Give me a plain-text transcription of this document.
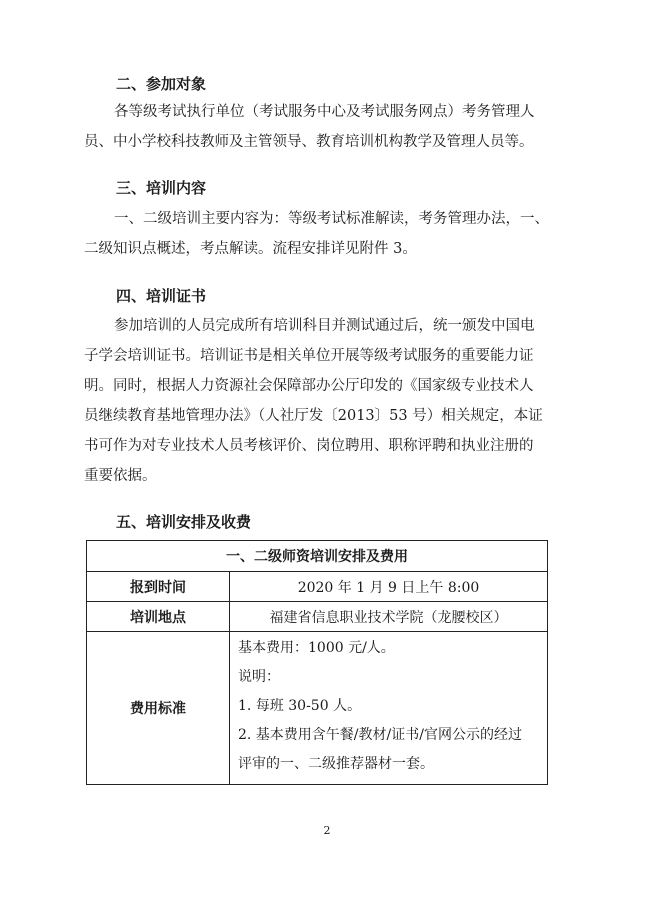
二、参加对象
各等级考试执行单位（考试服务中心及考试服务网点）考务管理人
员、中小学校科技教师及主管领导、教育培训机构教学及管理人员等。
三、培训内容
一、二级培训主要内容为：等级考试标准解读，考务管理办法，一、
二级知识点概述，考点解读。流程安排详见附件 3。
四、培训证书
参加培训的人员完成所有培训科目并测试通过后，统一颁发中国电
子学会培训证书。培训证书是相关单位开展等级考试服务的重要能力证
明。同时，根据人力资源社会保障部办公厅印发的《国家级专业技术人
员继续教育基地管理办法》（人社厅发〔2013〕53 号）相关规定，本证
书可作为对专业技术人员考核评价、岗位聘用、职称评聘和执业注册的
重要依据。
五、培训安排及收费
一、二级师资培训安排及费用	
报到时间	2020 年 1 月 9 日上午 8:00
培训地点	福建省信息职业技术学院（龙腰校区）
费用标准	基本费用：1000 元/人。
说明：
1. 每班 30-50 人。
2. 基本费用含午餐/教材/证书/官网公示的经过
评审的一、二级推荐器材一套。
2
